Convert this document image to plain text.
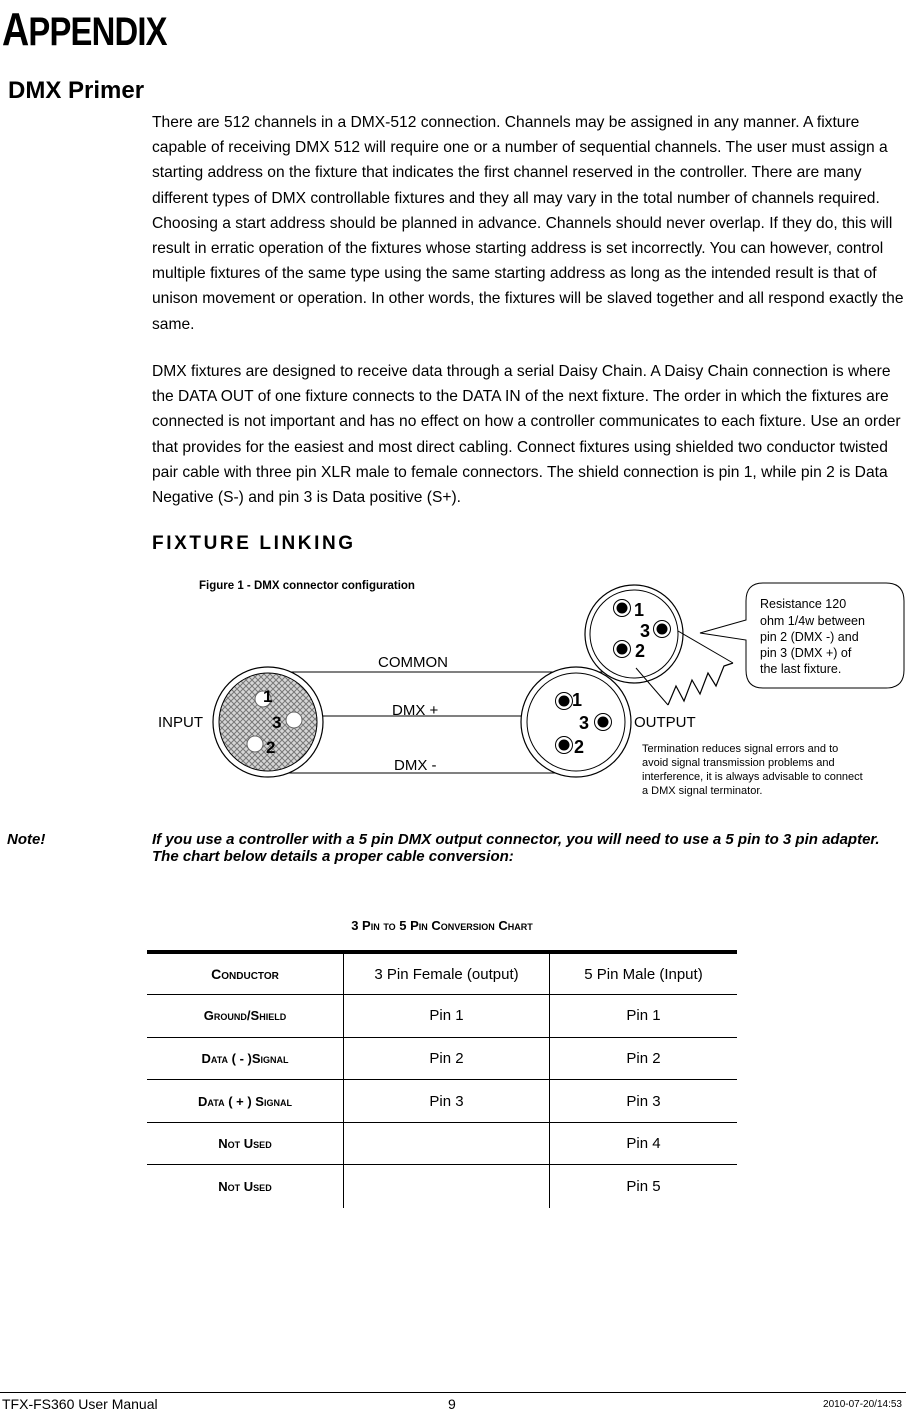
APPENDIX
DMX Primer

There are 512 channels in a DMX-512 connection. Channels may be assigned in any manner. A fixture capable of receiving DMX 512 will require one or a number of sequential channels. The user must assign a starting address on the fixture that indicates the first channel reserved in the controller. There are many different types of DMX controllable fixtures and they all may vary in the total number of channels required. Choosing a start address should be planned in advance. Channels should never overlap. If they do, this will result in erratic operation of the fixtures whose starting address is set incorrectly. You can however, control multiple fixtures of the same type using the same starting address as long as the intended result is that of unison movement or operation. In other words, the fixtures will be slaved together and all respond exactly the same.

DMX fixtures are designed to receive data through a serial Daisy Chain. A Daisy Chain connection is where the DATA OUT of one fixture connects to the DATA IN of the next fixture. The order in which the fixtures are connected is not important and has no effect on how a controller communicates to each fixture. Use an order that provides for the easiest and most direct cabling. Connect fixtures using shielded two conductor twisted pair cable with three pin XLR male to female connectors. The shield connection is pin 1, while pin 2 is Data Negative (S-) and pin 3 is Data positive (S+).

FIXTURE LINKING
Figure 1 - DMX connector configuration
1
3
2
1
3
2
1
3
2
INPUT	OUTPUT
COMMON
DMX +
DMX -
Resistance 120
ohm 1/4w between
pin 2 (DMX -) and
pin 3 (DMX +) of
the last fixture.
Termination reduces signal errors and to
avoid signal transmission problems and
interference, it is always advisable to connect
a DMX signal terminator.
Note!	If you use a controller with a 5 pin DMX output connector, you will need to use a 5 pin to 3 pin adapter.
The chart below details a proper cable conversion:
3 Pin to 5 Pin Conversion Chart
Conductor	3 Pin Female (output)	5 Pin Male (Input)
Ground/Shield	Pin 1	Pin 1
Data ( - )Signal	Pin 2	Pin 2
Data ( + ) Signal	Pin 3	Pin 3
Not Used		Pin 4
Not Used		Pin 5
TFX-FS360 User Manual	9	2010-07-20/14:53
